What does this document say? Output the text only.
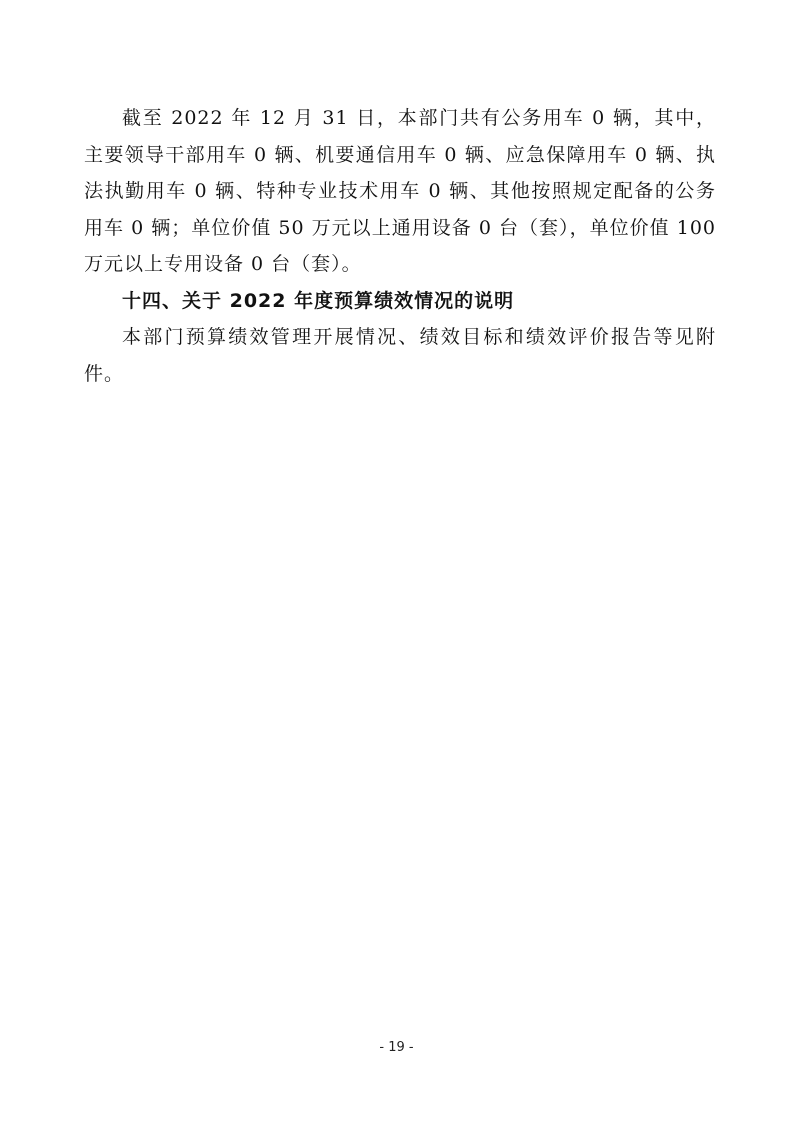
截至 2022 年 12 月 31 日，本部门共有公务用车 0 辆，其中，主要领导干部用车 0 辆、机要通信用车 0 辆、应急保障用车 0 辆、执法执勤用车 0 辆、特种专业技术用车 0 辆、其他按照规定配备的公务用车 0 辆；单位价值 50 万元以上通用设备 0 台（套），单位价值 100 万元以上专用设备 0 台（套）。

十四、关于 2022 年度预算绩效情况的说明

本部门预算绩效管理开展情况、绩效目标和绩效评价报告等见附件。

- 19 -
